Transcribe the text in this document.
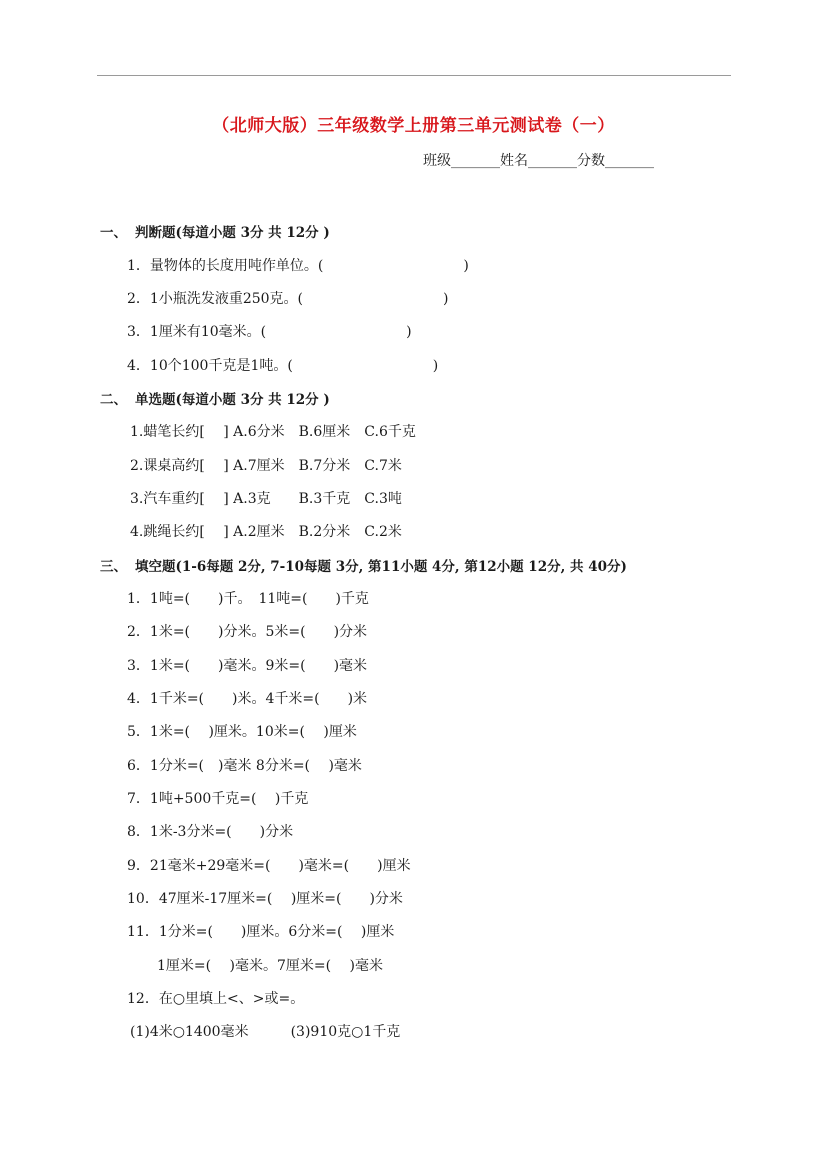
（北师大版）三年级数学上册第三单元测试卷（一）
班级_______姓名_______分数_______
一、 判断题(每道小题 3分 共 12分 )
1．量物体的长度用吨作单位。(　　　　　　　　　　)
2．1小瓶洗发液重250克。(　　　　　　　　　　)
3．1厘米有10毫米。(　　　　　　　　　　)
4．10个100千克是1吨。(　　　　　　　　　　)
二、 单选题(每道小题 3分 共 12分 )
1.蜡笔长约[　 ] A.6分米　B.6厘米　C.6千克
2.课桌高约[　 ] A.7厘米　B.7分米　C.7米
3.汽车重约[　 ] A.3克　　B.3千克　C.3吨
4.跳绳长约[　 ] A.2厘米　B.2分米　C.2米
三、 填空题(1-6每题 2分, 7-10每题 3分, 第11小题 4分, 第12小题 12分, 共 40分)
1．1吨=(　　)千。　11吨=(　　)千克
2．1米=(　　)分米。5米=(　　)分米
3．1米=(　　)毫米。9米=(　　)毫米
4．1千米=(　　)米。4千米=(　　)米
5．1米=(　 )厘米。10米=(　 )厘米
6．1分米=(　)毫米 8分米=(　 )毫米
7．1吨+500千克=(　 )千克
8．1米-3分米=(　　)分米
9．21毫米+29毫米=(　　)毫米=(　　)厘米
10．47厘米-17厘米=(　 )厘米=(　　)分米
11．1分米=(　　)厘米。6分米=(　 )厘米
1厘米=(　 )毫米。7厘米=(　 )毫米
12．在○里填上<、>或=。
(1)4米○1400毫米　　　(3)910克○1千克
